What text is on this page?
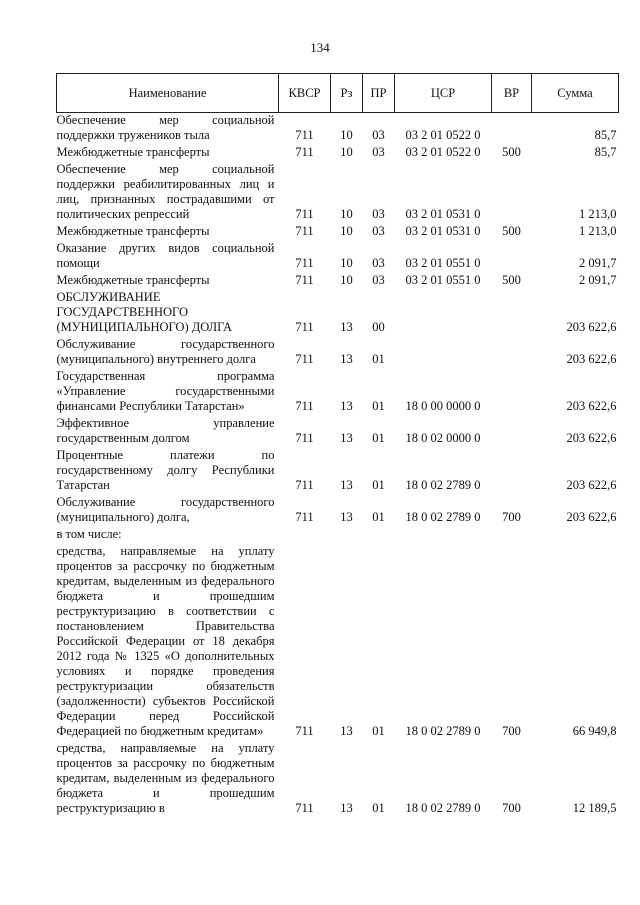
134
Наименование	КВСР	Рз	ПР	ЦСР	ВР	Сумма
Обеспечение мер социальной поддержки тружеников тыла	711	10	03	03 2 01 0522 0		85,7
Межбюджетные трансферты	711	10	03	03 2 01 0522 0	500	85,7
Обеспечение мер социальной поддержки реабилитированных лиц и лиц, признанных пострадавшими от политических репрессий	711	10	03	03 2 01 0531 0		1 213,0
Межбюджетные трансферты	711	10	03	03 2 01 0531 0	500	1 213,0
Оказание других видов социальной помощи	711	10	03	03 2 01 0551 0		2 091,7
Межбюджетные трансферты	711	10	03	03 2 01 0551 0	500	2 091,7
ОБСЛУЖИВАНИЕ ГОСУДАРСТВЕННОГО (МУНИЦИПАЛЬНОГО) ДОЛГА	711	13	00			203 622,6
Обслуживание государственного (муниципального) внутреннего долга	711	13	01			203 622,6
Государственная программа «Управление государственными финансами Республики Татарстан»	711	13	01	18 0 00 0000 0		203 622,6
Эффективное управление государственным долгом	711	13	01	18 0 02 0000 0		203 622,6
Процентные платежи по государственному долгу Республики Татарстан	711	13	01	18 0 02 2789 0		203 622,6
Обслуживание государственного (муниципального) долга,	711	13	01	18 0 02 2789 0	700	203 622,6
в том числе:						
средства, направляемые на уплату процентов за рассрочку по бюджетным кредитам, выделенным из федерального бюджета и прошедшим реструктуризацию в соответствии с постановлением Правительства Российской Федерации от 18 декабря 2012 года № 1325 «О дополнительных условиях и порядке проведения реструктуризации обязательств (задолженности) субъектов Российской Федерации перед Российской Федерацией по бюджетным кредитам»	711	13	01	18 0 02 2789 0	700	66 949,8
средства, направляемые на уплату процентов за рассрочку по бюджетным кредитам, выделенным из федерального бюджета и прошедшим реструктуризацию в	711	13	01	18 0 02 2789 0	700	12 189,5
